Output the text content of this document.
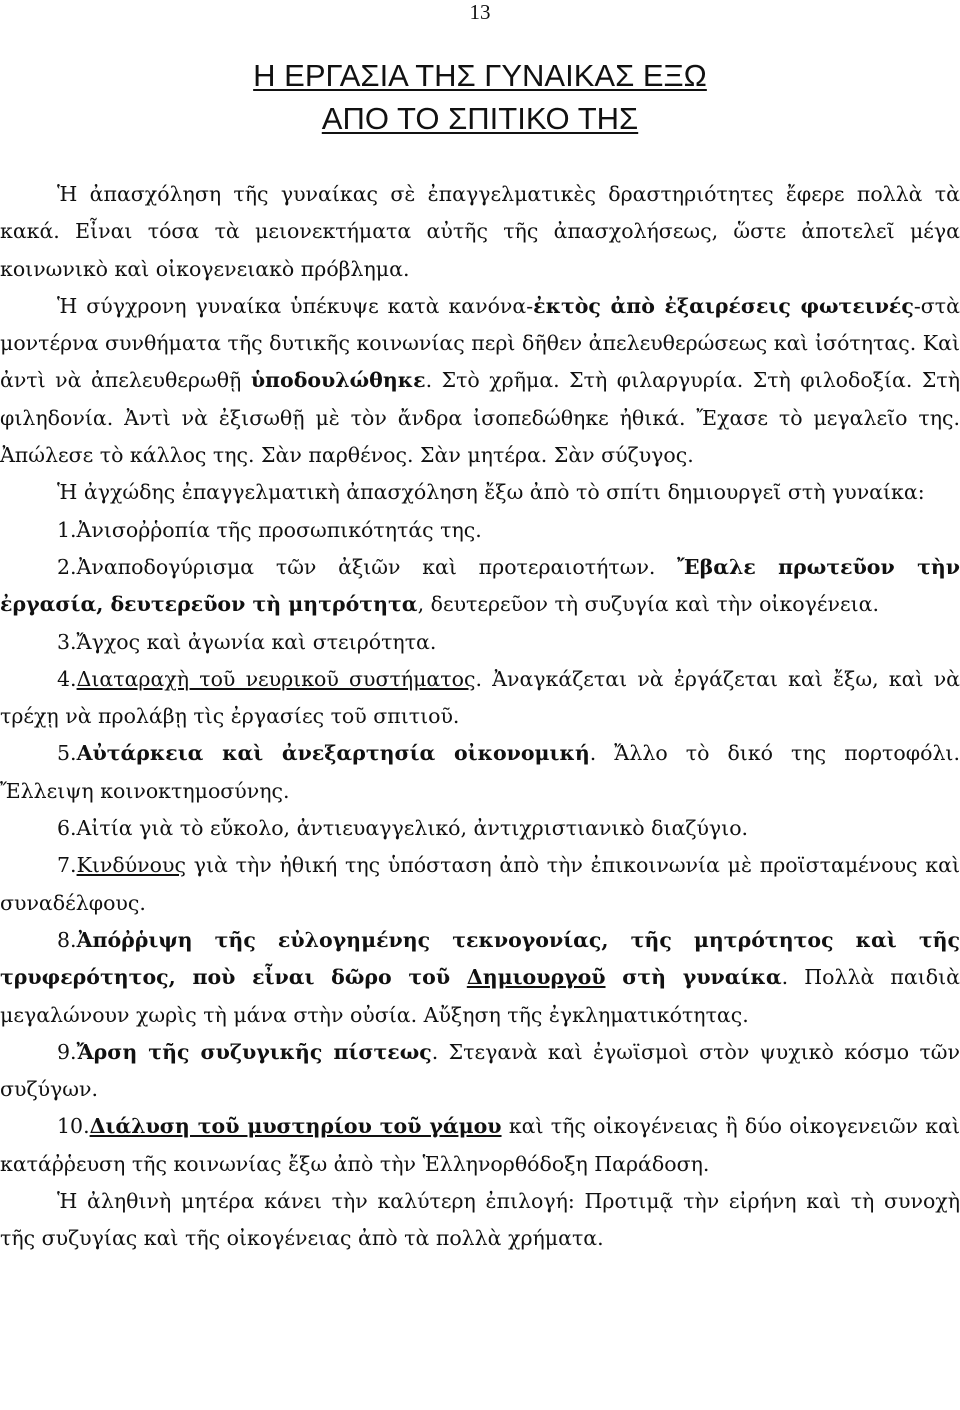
13
Η ΕΡΓΑΣΙΑ ΤΗΣ ΓΥΝΑΙΚΑΣ ΕΞΩ
ΑΠΟ ΤΟ ΣΠΙΤΙΚΟ ΤΗΣ

Ἡ ἀπασχόληση τῆς γυναίκας σὲ ἐπαγγελματικὲς δραστηριότητες ἔφερε πολλὰ τὰ κακά. Εἶναι τόσα τὰ μειονεκτήματα αὐτῆς τῆς ἀπασχολήσεως, ὥστε ἀποτελεῖ μέγα κοινωνικὸ καὶ οἰκογενειακὸ πρόβλημα.

Ἡ σύγχρονη γυναίκα ὑπέκυψε κατὰ κανόνα-ἐκτὸς ἀπὸ ἐξαιρέσεις φωτεινές-στὰ μοντέρνα συνθήματα τῆς δυτικῆς κοινωνίας περὶ δῆθεν ἀπελευθερώσεως καὶ ἰσότητας. Καὶ ἀντὶ νὰ ἀπελευθερωθῇ ὑποδουλώθηκε. Στὸ χρῆμα. Στὴ φιλαργυρία. Στὴ φιλοδοξία. Στὴ φιληδονία. Ἀντὶ νὰ ἐξισωθῇ μὲ τὸν ἄνδρα ἰσοπεδώθηκε ἠθικά. Ἔχασε τὸ μεγαλεῖο της. Ἀπώλεσε τὸ κάλλος της. Σὰν παρθένος. Σὰν μητέρα. Σὰν σύζυγος.

Ἡ ἀγχώδης ἐπαγγελματικὴ ἀπασχόληση ἔξω ἀπὸ τὸ σπίτι δημιουργεῖ στὴ γυναίκα:

1.Ἀνισοῤῥοπία τῆς προσωπικότητάς της.

2.Ἀναποδογύρισμα τῶν ἀξιῶν καὶ προτεραιοτήτων. Ἔβαλε πρωτεῦον τὴν ἐργασία, δευτερεῦον τὴ μητρότητα, δευτερεῦον τὴ συζυγία καὶ τὴν οἰκογένεια.

3.Ἄγχος καὶ ἀγωνία καὶ στειρότητα.

4.Διαταραχὴ τοῦ νευρικοῦ συστήματος. Ἀναγκάζεται νὰ ἐργάζεται καὶ ἔξω, καὶ νὰ τρέχῃ νὰ προλάβῃ τὶς ἐργασίες τοῦ σπιτιοῦ.

5.Αὐτάρκεια καὶ ἀνεξαρτησία οἰκονομική. Ἄλλο τὸ δικό της πορτοφόλι. Ἔλλειψη κοινοκτημοσύνης.

6.Αἰτία γιὰ τὸ εὔκολο, ἀντιευαγγελικό, ἀντιχριστιανικὸ διαζύγιο.

7.Κινδύνους γιὰ τὴν ἠθική της ὑπόσταση ἀπὸ τὴν ἐπικοινωνία μὲ προϊσταμένους καὶ συναδέλφους.

8.Ἀπόῤῥιψη τῆς εὐλογημένης τεκνογονίας, τῆς μητρότητος καὶ τῆς τρυφερότητος, ποὺ εἶναι δῶρο τοῦ Δημιουργοῦ στὴ γυναίκα. Πολλὰ παιδιὰ μεγαλώνουν χωρὶς τὴ μάνα στὴν οὐσία. Αὔξηση τῆς ἐγκληματικότητας.

9.Ἄρση τῆς συζυγικῆς πίστεως. Στεγανὰ καὶ ἐγωϊσμοὶ στὸν ψυχικὸ κόσμο τῶν συζύγων.

10.Διάλυση τοῦ μυστηρίου τοῦ γάμου καὶ τῆς οἰκογένειας ἢ δύο οἰκογενειῶν καὶ κατάῤῥευση τῆς κοινωνίας ἔξω ἀπὸ τὴν Ἑλληνορθόδοξη Παράδοση.

Ἡ ἀληθινὴ μητέρα κάνει τὴν καλύτερη ἐπιλογή: Προτιμᾷ τὴν εἰρήνη καὶ τὴ συνοχὴ τῆς συζυγίας καὶ τῆς οἰκογένειας ἀπὸ τὰ πολλὰ χρήματα.
